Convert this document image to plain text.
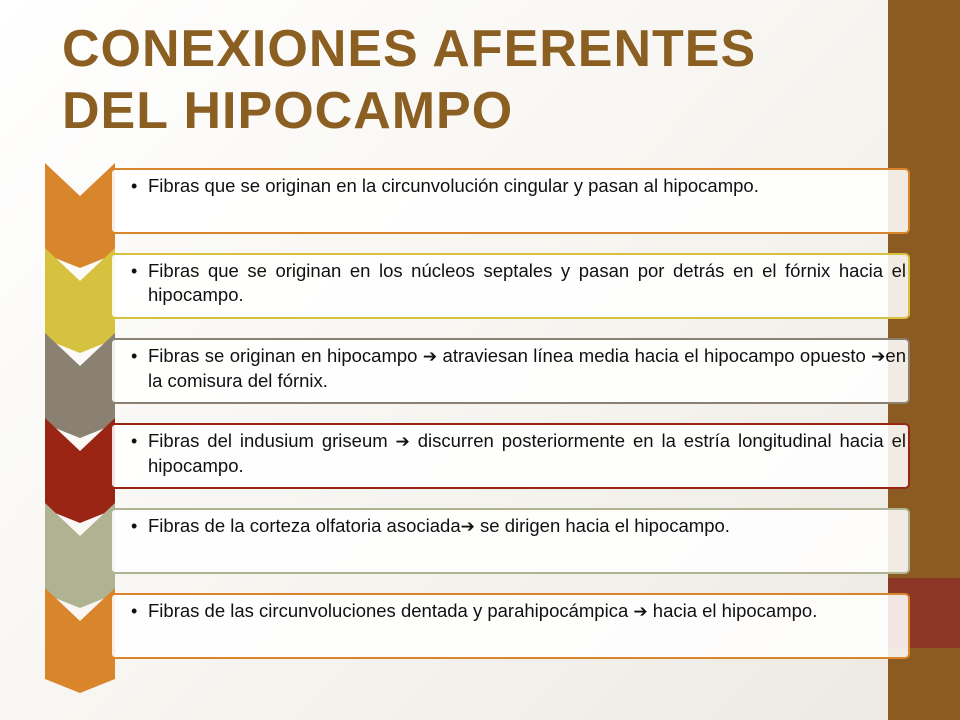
CONEXIONES AFERENTES DEL HIPOCAMPO
• Fibras que se originan en la circunvolución cingular y pasan al hipocampo.
• Fibras que se originan en los núcleos septales y pasan por detrás en el fórnix hacia el hipocampo.
• Fibras se originan en hipocampo ➔ atraviesan línea media hacia el hipocampo opuesto ➔en la comisura del fórnix.
• Fibras del indusium griseum ➔ discurren posteriormente en la estría longitudinal hacia el hipocampo.
• Fibras de la corteza olfatoria asociada➔ se dirigen hacia el hipocampo.
• Fibras de las circunvoluciones dentada y parahipocámpica ➔ hacia el hipocampo.
